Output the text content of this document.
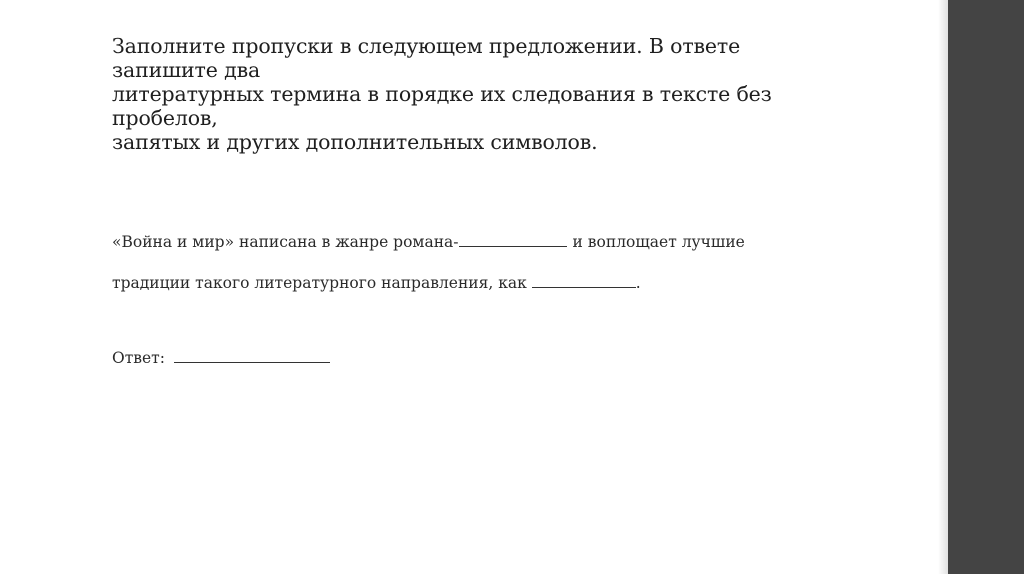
Заполните пропуски в следующем предложении. В ответе
запишите два
литературных термина в порядке их следования в тексте без
пробелов,
запятых и других дополнительных символов.

«Война и мир» написана в жанре романа-	и воплощает лучшие

традиции такого литературного направления, как	.

Ответ:
